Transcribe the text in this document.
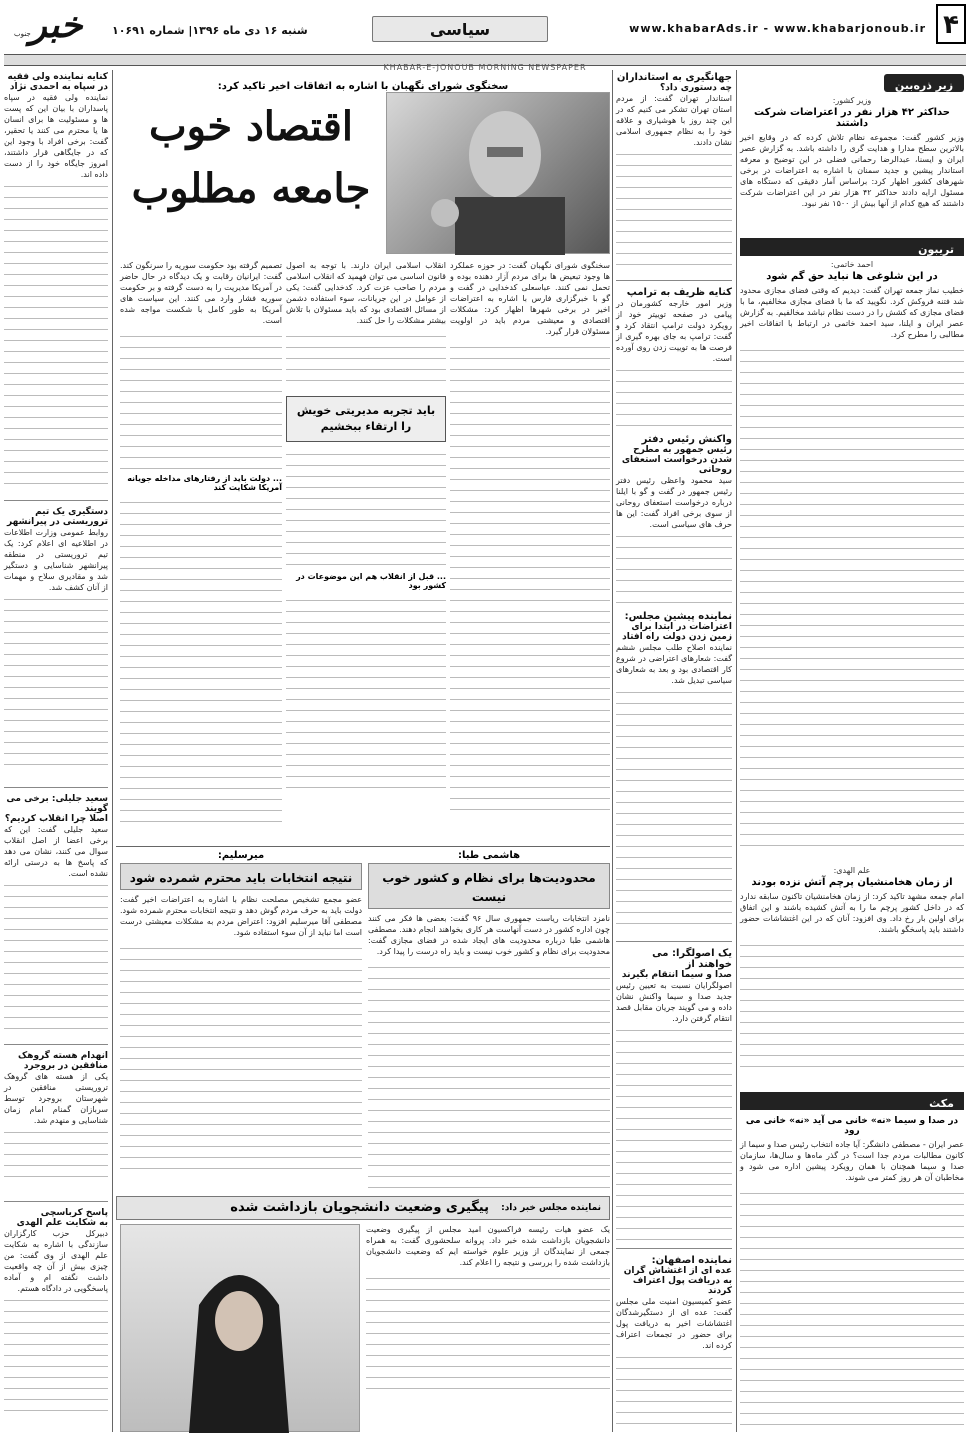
۴
www.khabarAds.ir - www.khabarjonoub.ir
سیاسی
شنبه ۱۶ دی ماه ۱۳۹۶| شماره ۱۰۶۹۱
خبر
جنوب
KHABAR-E-JONOUB MORNING NEWSPAPER
زیر ذره‌بین
وزیر کشور:
حداکثر ۴۲ هزار نفر در اعتراضات شرکت داشتند
وزیر کشور گفت: مجموعه نظام تلاش کرده که در وقایع اخیر بالاترین سطح مدارا و هدایت گری را داشته باشد. به گزارش عصر ایران و ایسنا، عبدالرضا رحمانی فضلی در این توضیح و معرفه استاندار پیشین و جدید سمنان با اشاره به اعتراضات در برخی شهرهای کشور اظهار کرد: براساس آمار دقیقی که دستگاه های مسئول ارایه دادند حداکثر ۴۲ هزار نفر در این اعتراضات شرکت داشتند که هیچ کدام از آنها بیش از ۱۵۰۰ نفر نبود.
تریبون
احمد خاتمی:
در این شلوغی ها نباید حق گم شود
خطیب نماز جمعه تهران گفت: دیدیم که وقتی فضای مجازی محدود شد فتنه فروکش کرد. نگویید که ما با فضای مجازی مخالفیم، ما با فضای مجازی که کشش را در دست نظام نباشد مخالفیم. به گزارش عصر ایران و ایلنا، سید احمد خاتمی در ارتباط با اتفاقات اخیر مطالبی را مطرح کرد.
علم الهدی:
از زمان هخامنشیان پرچم آتش نزده بودند
امام جمعه مشهد تاکید کرد: از زمان هخامنشیان تاکنون سابقه ندارد که در داخل کشور پرچم ما را به آتش کشیده باشند و این اتفاق برای اولین بار رخ داد. وی افزود: آنان که در این اغتشاشات حضور داشتند باید پاسخگو باشند.
مکث
در صدا و سیما «نه» خانی می آید «نه» خانی می رود
عصر ایران - مصطفی دانشگر: آیا جاده انتخاب رئیس صدا و سیما از کانون مطالبات مردم جدا است؟ در گذر ماه‌ها و سال‌ها، سازمان صدا و سیما همچنان با همان رویکرد پیشین اداره می شود و مخاطبان آن هر روز کمتر می شوند.
جهانگیری به استانداران
چه دستوری داد؟
استاندار تهران گفت: از مردم استان تهران تشکر می کنیم که در این چند روز با هوشیاری و علاقه خود را به نظام جمهوری اسلامی نشان دادند.
کنایه ظریف به ترامپ
وزیر امور خارجه کشورمان در پیامی در صفحه توییتر خود از رویکرد دولت ترامپ انتقاد کرد و گفت: ترامپ به جای بهره گیری از فرصت ها به توییت زدن روی آورده است.
واکنش رئیس دفتر
رئیس جمهور به مطرح شدن درخواست استعفای روحانی
سید محمود واعظی رئیس دفتر رئیس جمهور در گفت و گو با ایلنا درباره درخواست استعفای روحانی از سوی برخی افراد گفت: این ها حرف های سیاسی است.
نماینده پیشین مجلس:
اعتراضات در ابتدا برای زمین زدن دولت راه افتاد
نماینده اصلاح طلب مجلس ششم گفت: شعارهای اعتراضی در شروع کار اقتصادی بود و بعد به شعارهای سیاسی تبدیل شد.
یک اصولگرا: می خواهند از
صدا و سیما انتقام بگیرند
اصولگرایان نسبت به تعیین رئیس جدید صدا و سیما واکنش نشان داده و می گویند جریان مقابل قصد انتقام گرفتن دارد.
نماینده اصفهان:
عده ای از اغتشاش گران به دریافت پول اعتراف کردند
عضو کمیسیون امنیت ملی مجلس گفت: عده ای از دستگیرشدگان اغتشاشات اخیر به دریافت پول برای حضور در تجمعات اعتراف کرده اند.
سخنگوی شورای نگهبان با اشاره به اتفاقات اخیر تاکید کرد:
اقتصاد خوب
جامعه مطلوب
سخنگوی شورای نگهبان گفت: در حوزه عملکرد ها وجود تبعیض ها برای مردم آزار دهنده بوده و تحمل نمی کنند. عباسعلی کدخدایی در گفت و گو با خبرگزاری فارس با اشاره به اعتراضات اخیر در برخی شهرها اظهار کرد: مشکلات اقتصادی و معیشتی مردم باید در اولویت مسئولان قرار گیرد.
انقلاب اسلامی ایران دارند. با توجه به اصول قانون اساسی می توان فهمید که انقلاب اسلامی مردم را صاحب عزت کرد. کدخدایی گفت: یکی از عوامل در این جریانات، سوء استفاده دشمن از مسائل اقتصادی بود که باید مسئولان با تلاش بیشتر مشکلات را حل کنند.
باید تجربه مدیریتی خویش را ارتقاء ببخشیم
... قبل از انقلاب هم این موضوعات در کشور بود
تصمیم گرفته بود حکومت سوریه را سرنگون کند. گفت: ایرانیان رقابت و یک دیدگاه در حال حاضر در آمریکا مدیریت را به دست گرفته و بر حکومت سوریه فشار وارد می کنند. این سیاست های آمریکا به طور کامل با شکست مواجه شده است.
... دولت باید از رفتارهای مداخله جویانه آمریکا شکایت کند
هاشمی طبا:
محدودیت‌ها برای نظام و کشور خوب نیست
نامزد انتخابات ریاست جمهوری سال ۹۶ گفت: بعضی ها فکر می کنند چون اداره کشور در دست آنهاست هر کاری بخواهند انجام دهند. مصطفی هاشمی طبا درباره محدودیت های ایجاد شده در فضای مجازی گفت: محدودیت برای نظام و کشور خوب نیست و باید راه درست را پیدا کرد.
میرسلیم:
نتیجه انتخابات باید محترم شمرده شود
عضو مجمع تشخیص مصلحت نظام با اشاره به اعتراضات اخیر گفت: دولت باید به حرف مردم گوش دهد و نتیجه انتخابات محترم شمرده شود. مصطفی آقا میرسلیم افزود: اعتراض مردم به مشکلات معیشتی درست است اما نباید از آن سوء استفاده شود.
نماینده مجلس خبر داد:
پیگیری وضعیت دانشجویان بازداشت شده
یک عضو هیات رئیسه فراکسیون امید مجلس از پیگیری وضعیت دانشجویان بازداشت شده خبر داد. پروانه سلحشوری گفت: به همراه جمعی از نمایندگان از وزیر علوم خواسته ایم که وضعیت دانشجویان بازداشت شده را بررسی و نتیجه را اعلام کند.
کنایه نماینده ولی فقیه
در سپاه به احمدی نژاد
نماینده ولی فقیه در سپاه پاسداران با بیان این که پست ها و مسئولیت ها برای انسان ها یا محترم می کنند یا تحقیر، گفت: برخی افراد با وجود این که در جایگاهی قرار داشتند، امروز جایگاه خود را از دست داده اند.
دستگیری یک تیم
تروریستی در پیرانشهر
روابط عمومی وزارت اطلاعات در اطلاعیه ای اعلام کرد: یک تیم تروریستی در منطقه پیرانشهر شناسایی و دستگیر شد و مقادیری سلاح و مهمات از آنان کشف شد.
سعید جلیلی: برخی می گویند
اصلا چرا انقلاب کردیم؟
سعید جلیلی گفت: این که برخی اعضا از اصل انقلاب سوال می کنند، نشان می دهد که پاسخ ها به درستی ارائه نشده است.
انهدام هسته گروهک
منافقین در بروجرد
یکی از هسته های گروهک تروریستی منافقین در شهرستان بروجرد توسط سربازان گمنام امام زمان شناسایی و منهدم شد.
پاسخ کرباسچی
به شکایت علم الهدی
دبیرکل حزب کارگزاران سازندگی با اشاره به شکایت علم الهدی از وی گفت: من چیزی بیش از آن چه واقعیت داشت نگفته ام و آماده پاسخگویی در دادگاه هستم.
